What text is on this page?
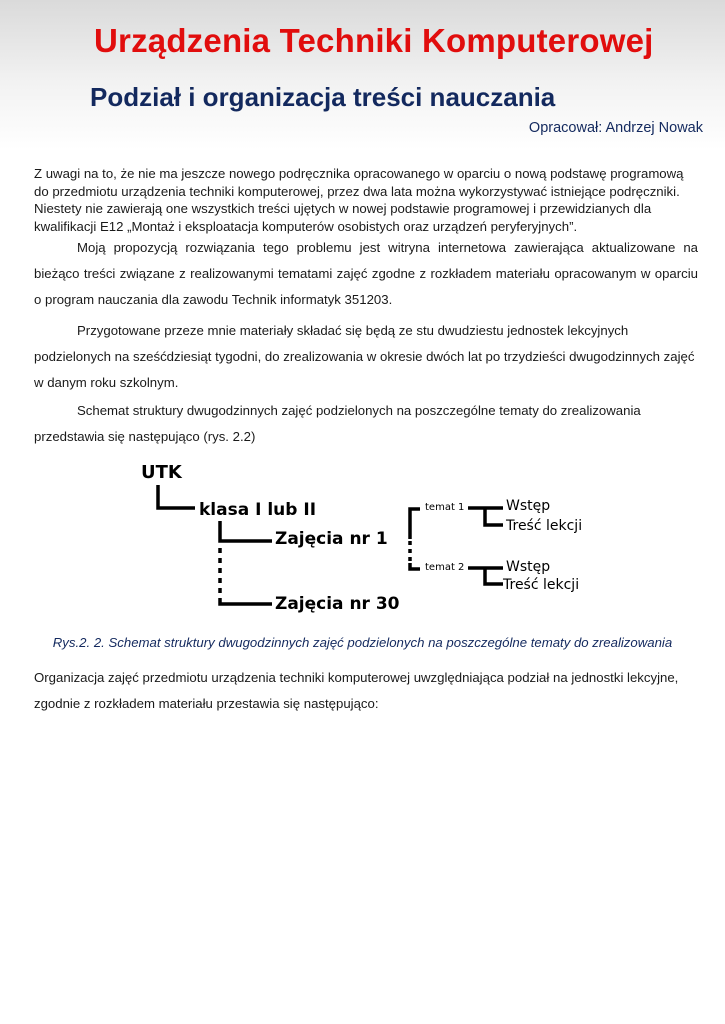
Urządzenia Techniki Komputerowej
Podział i organizacja treści nauczania
Opracował: Andrzej Nowak

Z uwagi na to, że nie ma jeszcze nowego podręcznika opracowanego w oparciu o nową podstawę programową do przedmiotu urządzenia techniki komputerowej, przez dwa lata można wykorzystywać istniejące podręczniki. Niestety nie zawierają one wszystkich treści ujętych w nowej podstawie programowej i przewidzianych dla kwalifikacji E12 „Montaż i eksploatacja komputerów osobistych oraz urządzeń peryferyjnych”.

Moją propozycją rozwiązania tego problemu jest witryna internetowa zawierająca aktualizowane na bieżąco treści związane z realizowanymi tematami zajęć zgodne z rozkładem materiału opracowanym w oparciu o program nauczania dla zawodu Technik informatyk 351203.

Przygotowane przeze mnie materiały składać się będą ze stu dwudziestu jednostek lekcyjnych podzielonych na sześćdziesiąt tygodni, do zrealizowania w okresie dwóch lat po trzydzieści dwugodzinnych zajęć w danym roku szkolnym.

Schemat struktury dwugodzinnych zajęć podzielonych na poszczególne tematy do zrealizowania przedstawia się następująco (rys. 2.2)

UTK
klasa I lub II
Zajęcia nr 1
Zajęcia nr 30
temat 1
temat 2
Wstęp
Treść lekcji
Wstęp
Treść lekcji

Rys.2. 2. Schemat struktury dwugodzinnych zajęć podzielonych na poszczególne tematy do zrealizowania

Organizacja zajęć przedmiotu urządzenia techniki komputerowej uwzględniająca podział na jednostki lekcyjne, zgodnie z rozkładem materiału przestawia się następująco:
